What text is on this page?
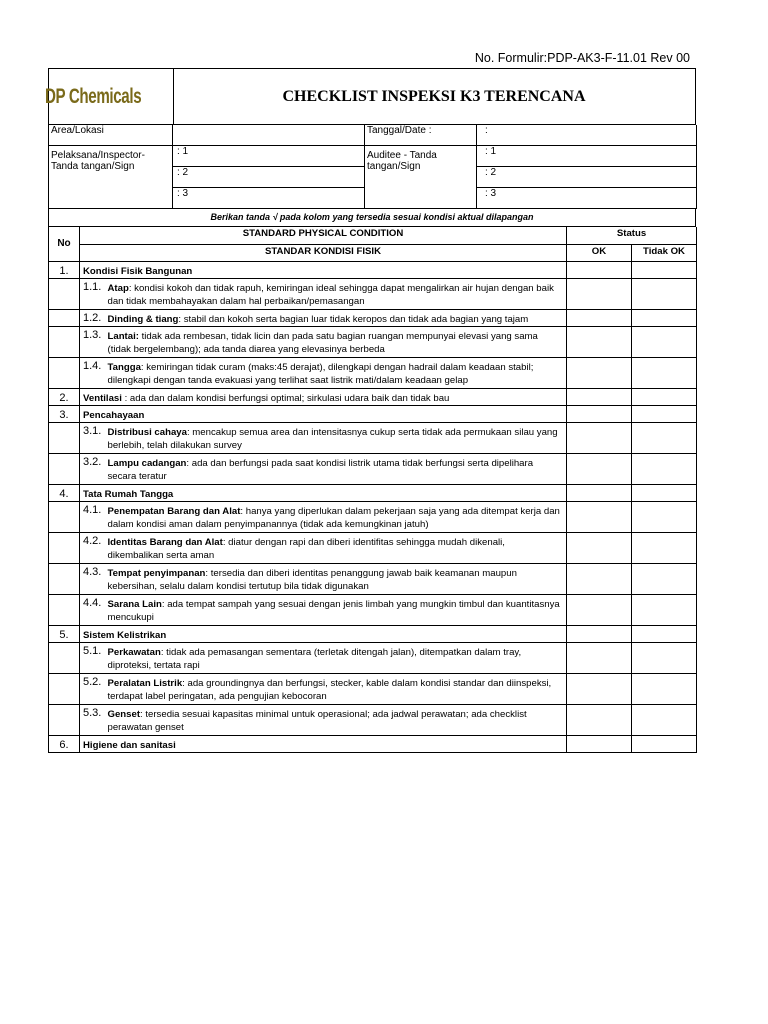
No. Formulir:PDP-AK3-F-11.01 Rev 00
DP Chemicals	CHECKLIST INSPEKSI K3 TERENCANA
Area/Lokasi		Tanggal/Date :	:
Pelaksana/Inspector- Tanda tangan/Sign	: 1	Auditee - Tanda tangan/Sign	: 1
	: 2		: 2
	: 3		: 3
Berikan tanda √ pada kolom yang tersedia sesuai kondisi aktual dilapangan
No	STANDARD PHYSICAL CONDITION		Status	
	STANDAR KONDISI FISIK		OK	Tidak OK
1.	Kondisi Fisik Bangunan			
	1.1.	Atap: kondisi kokoh dan tidak rapuh, kemiringan ideal sehingga dapat mengalirkan air hujan dengan baik dan tidak membahayakan dalam hal perbaikan/pemasangan		
	1.2.	Dinding & tiang: stabil dan kokoh serta bagian luar tidak keropos dan tidak ada bagian yang tajam		
	1.3.	Lantai: tidak ada rembesan, tidak licin dan pada satu bagian ruangan mempunyai elevasi yang sama (tidak bergelembang); ada tanda diarea yang elevasinya berbeda		
	1.4.	Tangga: kemiringan tidak curam (maks:45 derajat), dilengkapi dengan hadrail dalam keadaan stabil; dilengkapi dengan tanda evakuasi yang terlihat saat listrik mati/dalam keadaan gelap		
2.	Ventilasi : ada dan dalam kondisi berfungsi optimal; sirkulasi udara baik dan tidak bau			
3.	Pencahayaan			
	3.1.	Distribusi cahaya: mencakup semua area dan intensitasnya cukup serta tidak ada permukaan silau yang berlebih, telah dilakukan survey		
	3.2.	Lampu cadangan: ada dan berfungsi pada saat kondisi listrik utama tidak berfungsi serta dipelihara secara teratur		
4.	Tata Rumah Tangga			
	4.1.	Penempatan Barang dan Alat: hanya yang diperlukan dalam pekerjaan saja yang ada ditempat kerja dan dalam kondisi aman dalam penyimpanannya (tidak ada kemungkinan jatuh)		
	4.2.	Identitas Barang dan Alat: diatur dengan rapi dan diberi identifitas sehingga mudah dikenali, dikembalikan serta aman		
	4.3.	Tempat penyimpanan: tersedia dan diberi identitas penanggung jawab baik keamanan maupun kebersihan, selalu dalam kondisi tertutup bila tidak digunakan		
	4.4.	Sarana Lain: ada tempat sampah yang sesuai dengan jenis limbah yang mungkin timbul dan kuantitasnya mencukupi		
5.	Sistem Kelistrikan			
	5.1.	Perkawatan: tidak ada pemasangan sementara (terletak ditengah jalan), ditempatkan dalam tray, diproteksi, tertata rapi		
	5.2.	Peralatan Listrik: ada groundingnya dan berfungsi, stecker, kable dalam kondisi standar dan diinspeksi, terdapat label peringatan, ada pengujian kebocoran		
	5.3.	Genset: tersedia sesuai kapasitas minimal untuk operasional; ada jadwal perawatan; ada checklist perawatan genset		
6.	Higiene dan sanitasi			
